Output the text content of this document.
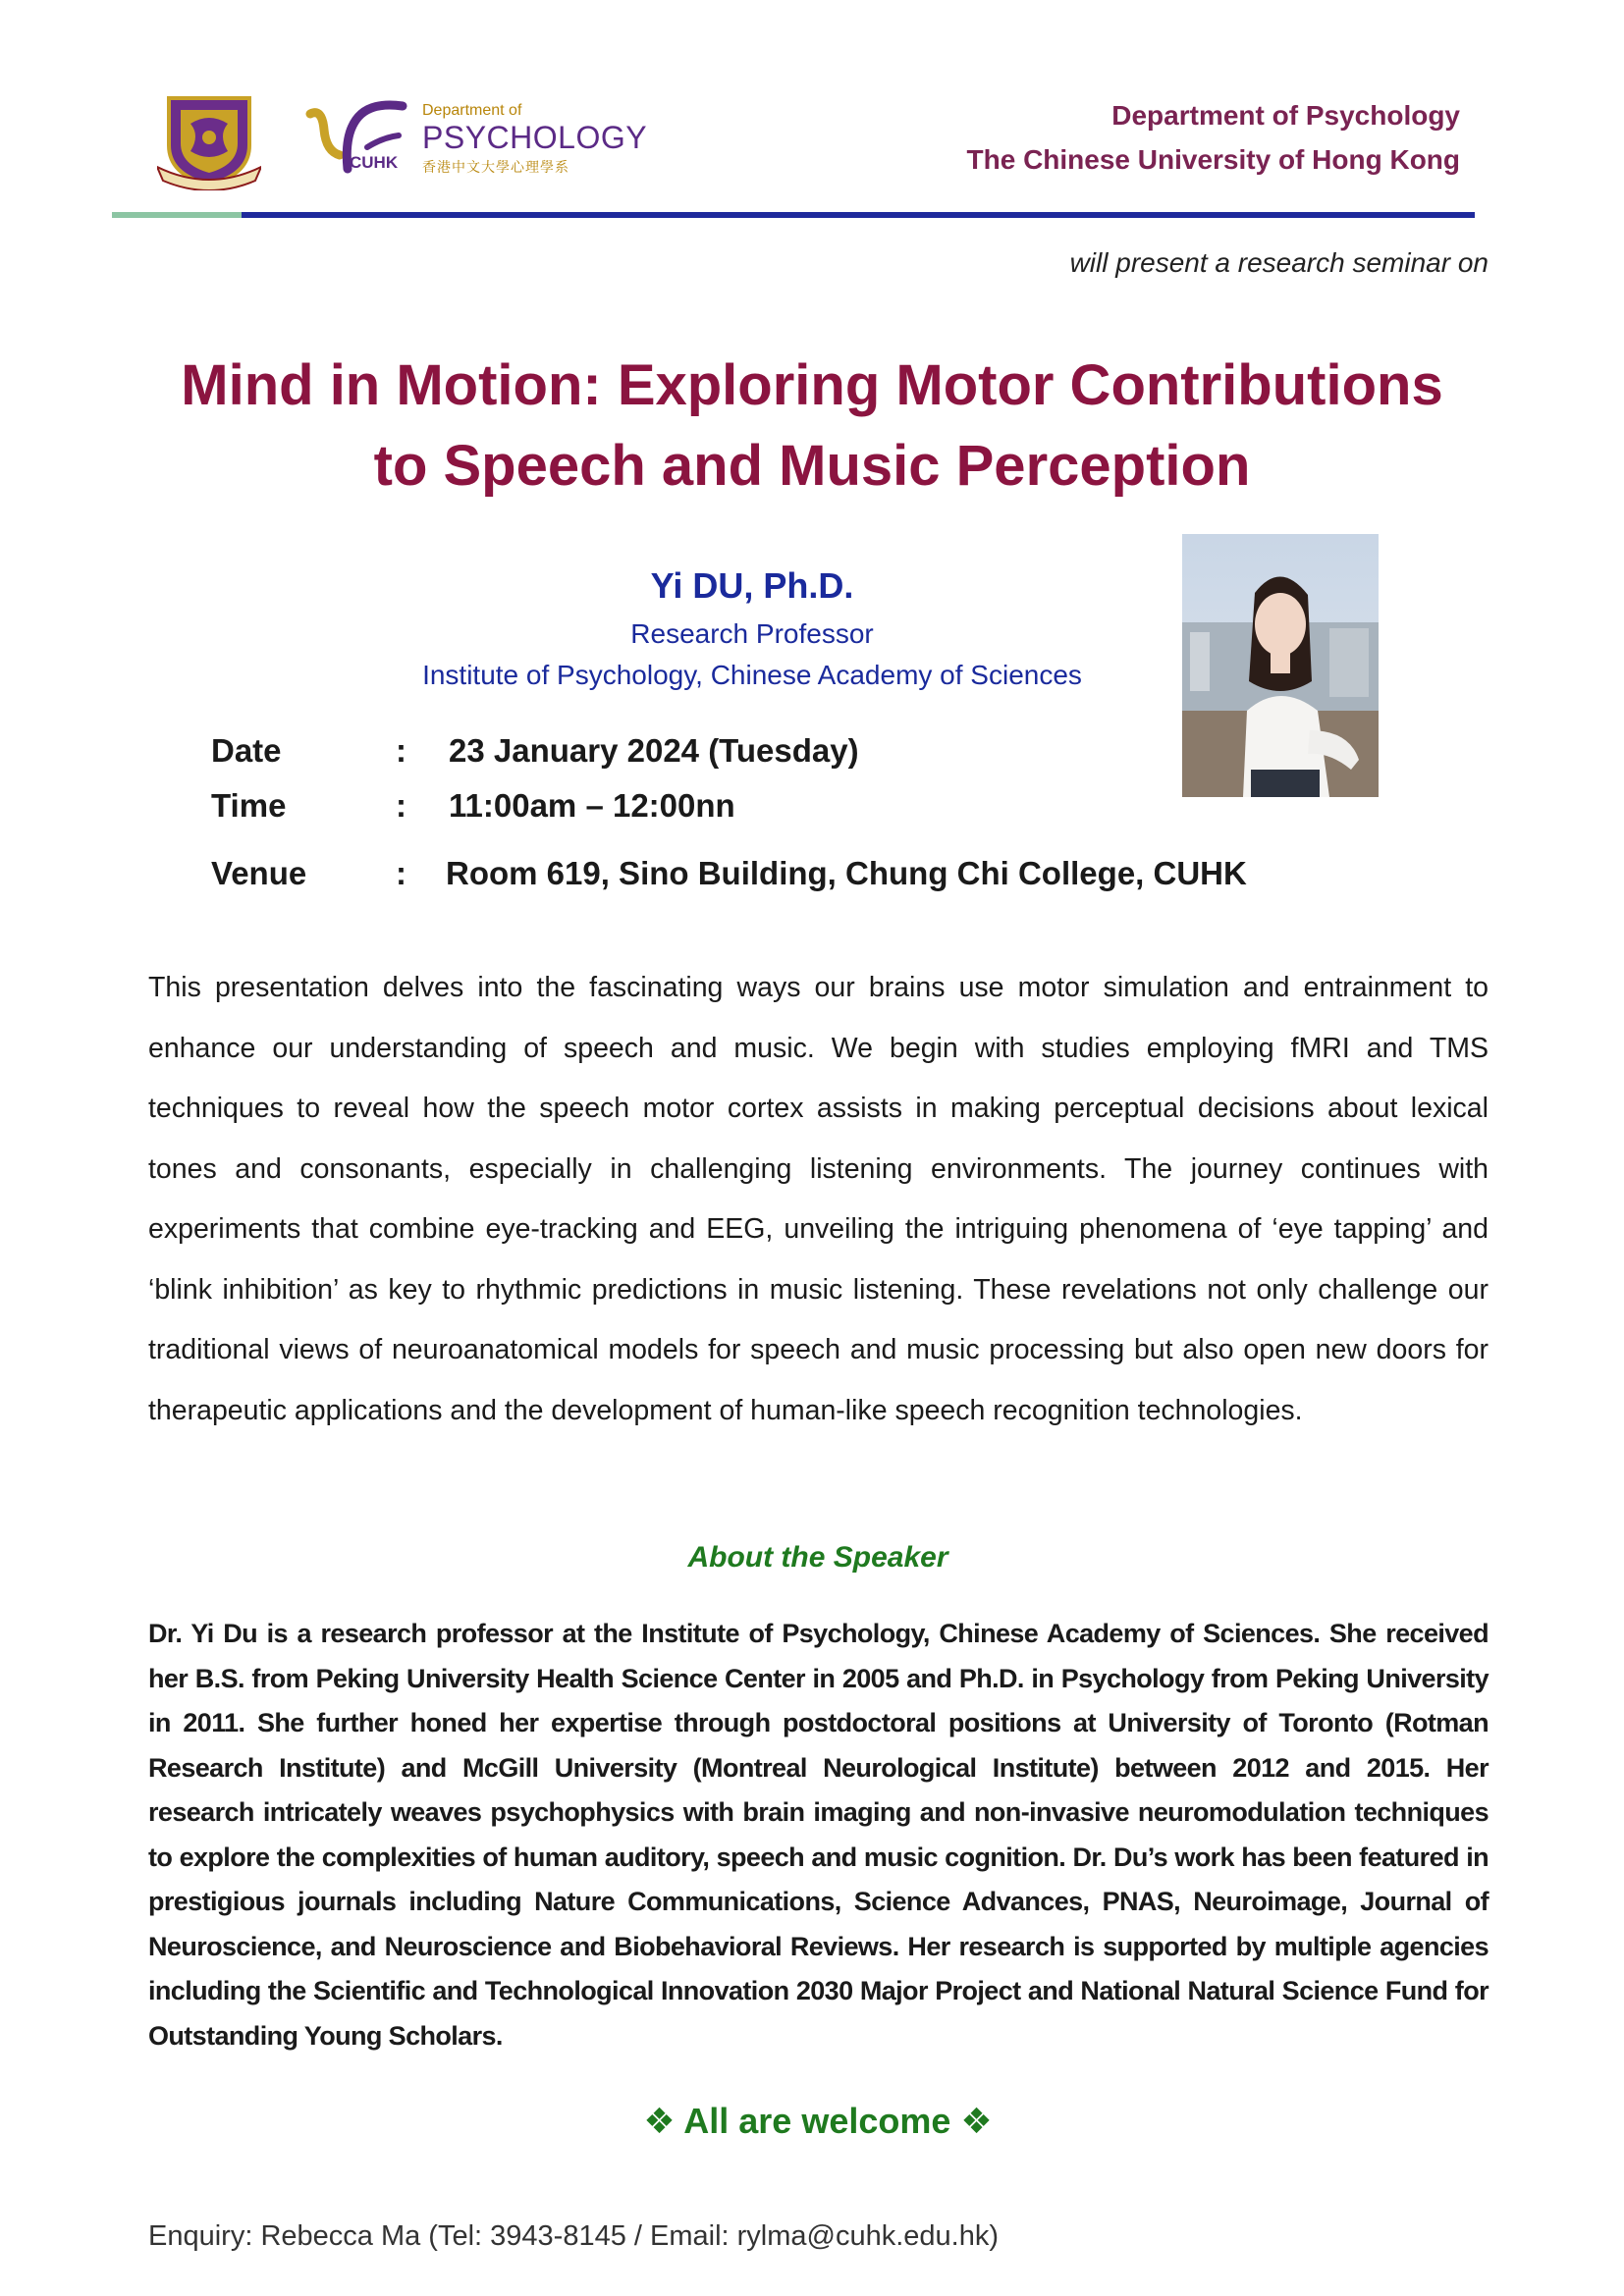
CUHK
Department of
PSYCHOLOGY
香港中文大學心理學系
Department of Psychology
The Chinese University of Hong Kong
will present a research seminar on
Mind in Motion: Exploring Motor Contributions
to Speech and Music Perception
Yi DU, Ph.D.
Research Professor
Institute of Psychology, Chinese Academy of Sciences
Date	: 23 January 2024 (Tuesday)
Time	: 11:00am – 12:00nn
Venue	: Room 619, Sino Building, Chung Chi College, CUHK
This presentation delves into the fascinating ways our brains use motor simulation and entrainment to enhance our understanding of speech and music. We begin with studies employing fMRI and TMS techniques to reveal how the speech motor cortex assists in making perceptual decisions about lexical tones and consonants, especially in challenging listening environments. The journey continues with experiments that combine eye-tracking and EEG, unveiling the intriguing phenomena of ‘eye tapping’ and ‘blink inhibition’ as key to rhythmic predictions in music listening. These revelations not only challenge our traditional views of neuroanatomical models for speech and music processing but also open new doors for therapeutic applications and the development of human-like speech recognition technologies.
About the Speaker
Dr. Yi Du is a research professor at the Institute of Psychology, Chinese Academy of Sciences. She received her B.S. from Peking University Health Science Center in 2005 and Ph.D. in Psychology from Peking University in 2011. She further honed her expertise through postdoctoral positions at University of Toronto (Rotman Research Institute) and McGill University (Montreal Neurological Institute) between 2012 and 2015. Her research intricately weaves psychophysics with brain imaging and non-invasive neuromodulation techniques to explore the complexities of human auditory, speech and music cognition. Dr. Du’s work has been featured in prestigious journals including Nature Communications, Science Advances, PNAS, Neuroimage, Journal of Neuroscience, and Neuroscience and Biobehavioral Reviews. Her research is supported by multiple agencies including the Scientific and Technological Innovation 2030 Major Project and National Natural Science Fund for Outstanding Young Scholars.
❖ All are welcome ❖
Enquiry: Rebecca Ma (Tel: 3943-8145 / Email: rylma@cuhk.edu.hk)
